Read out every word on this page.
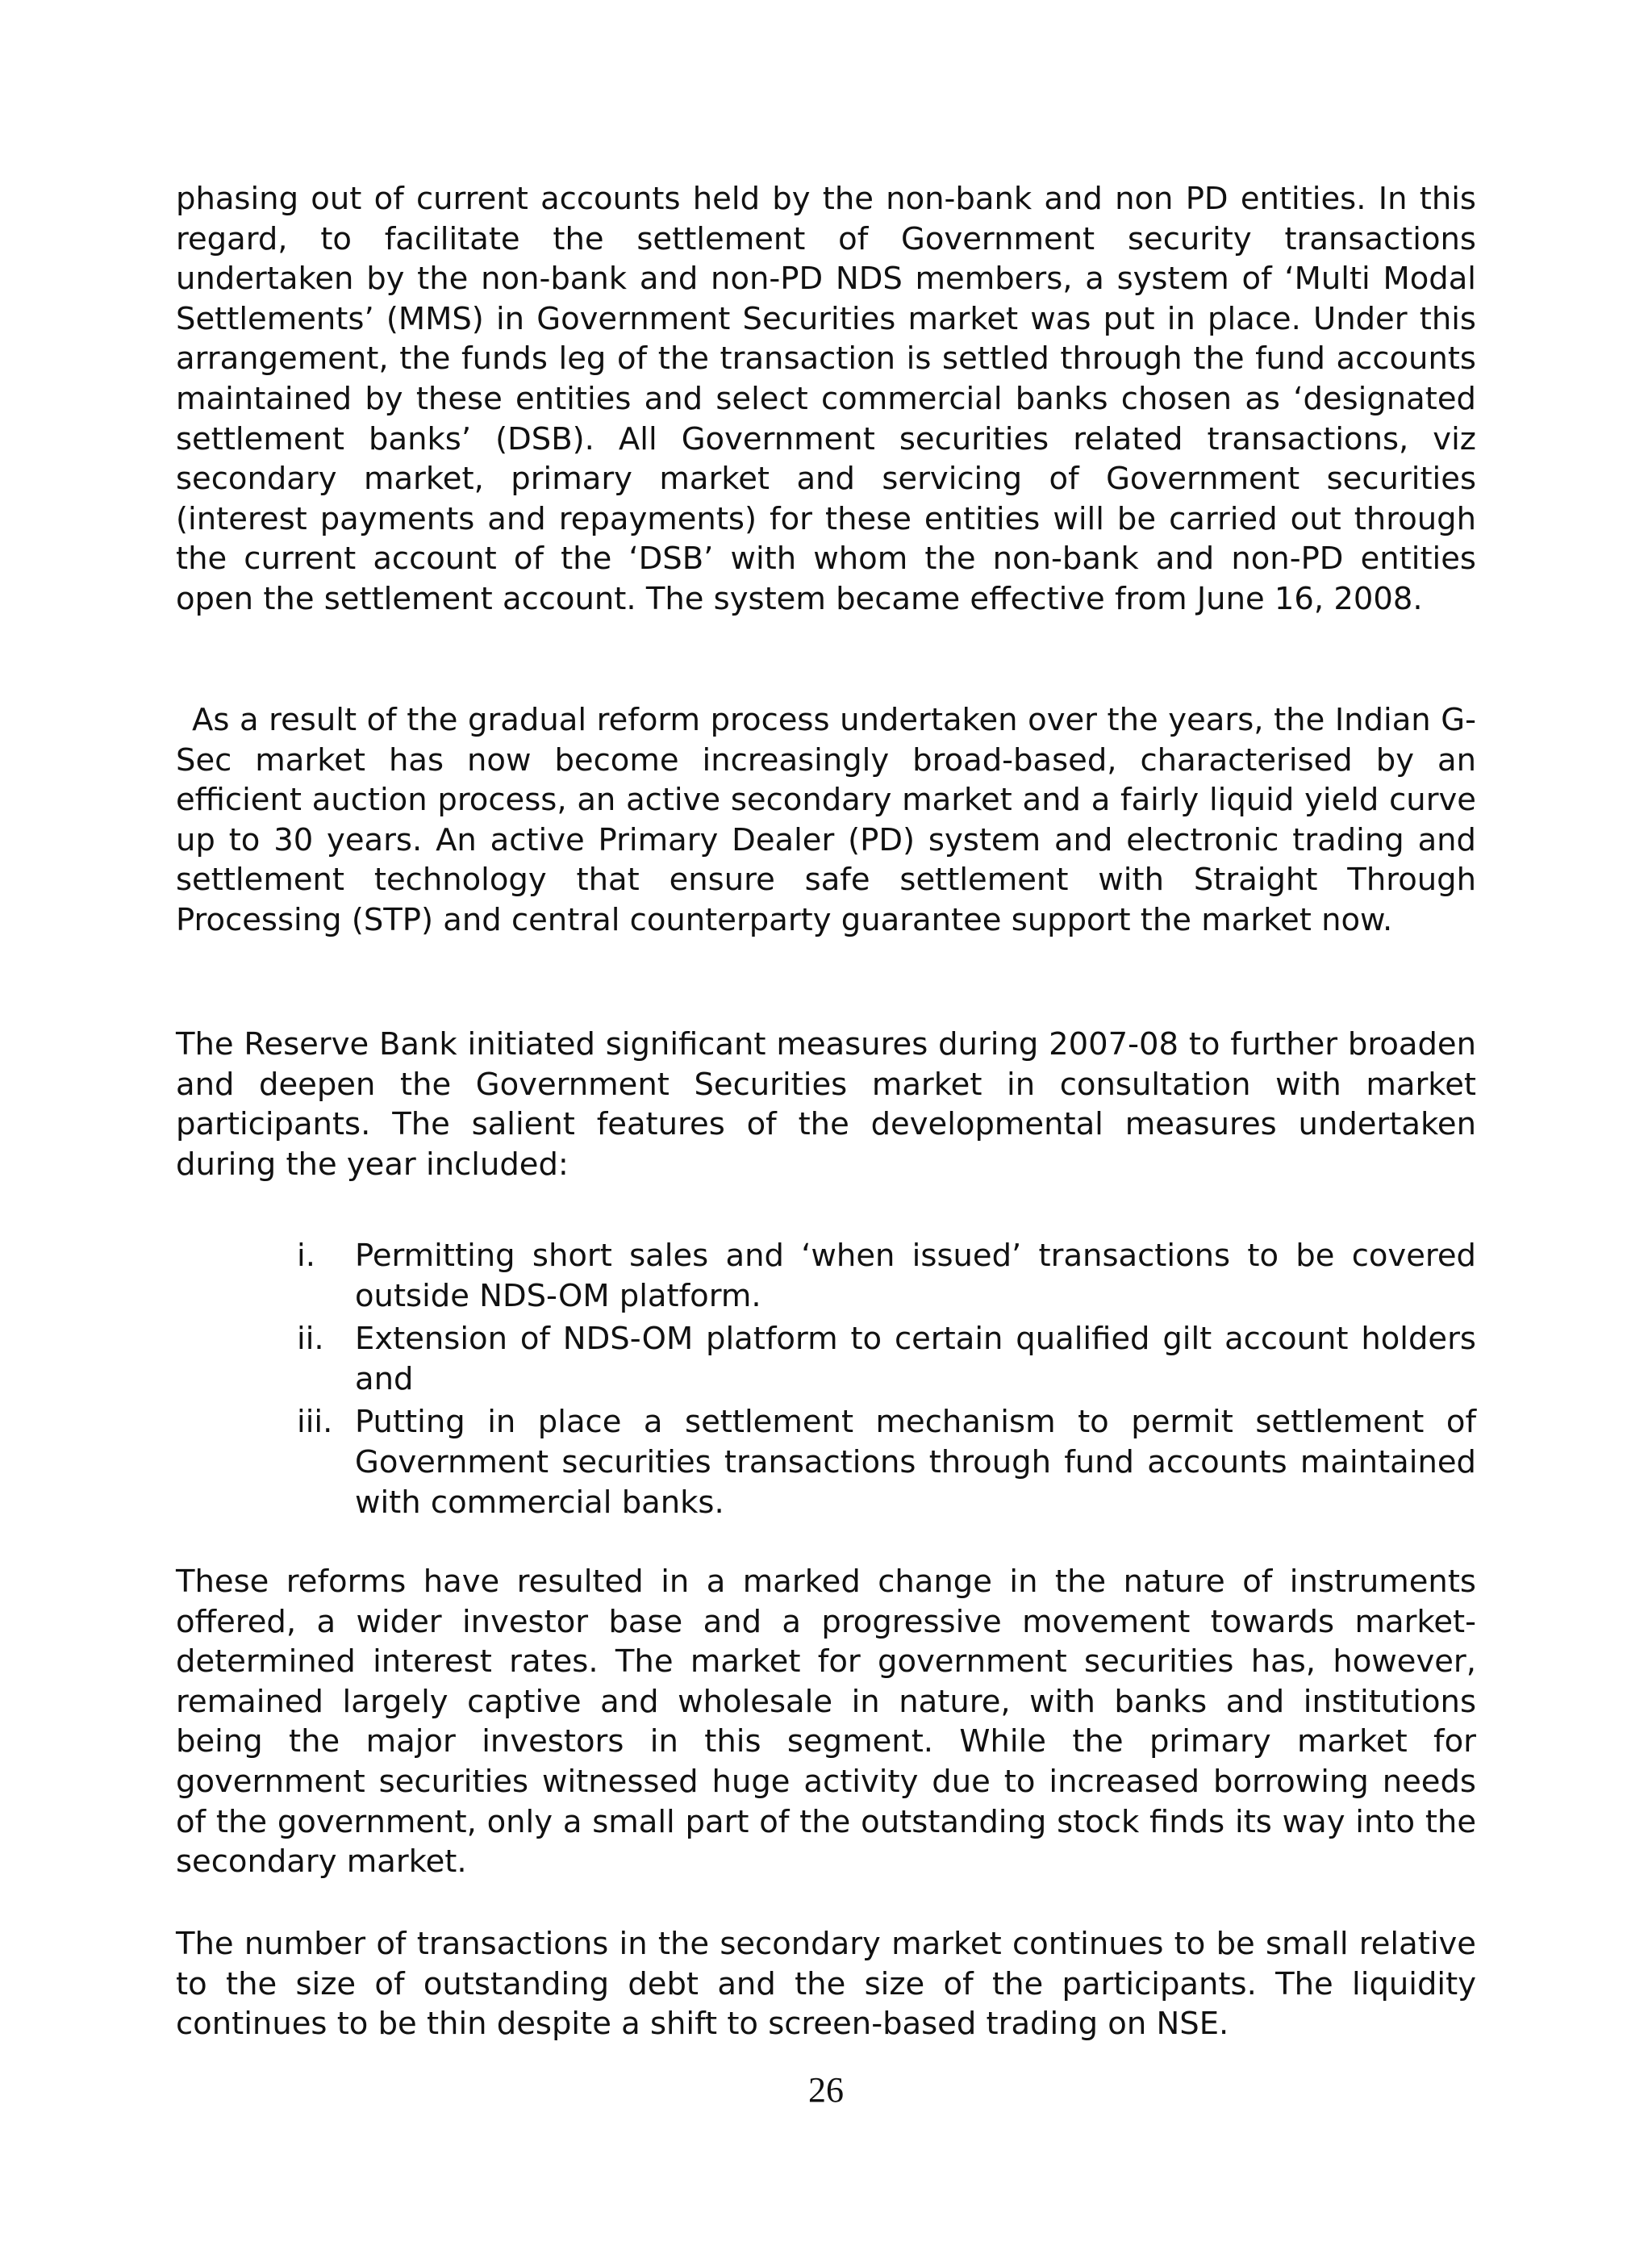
phasing out of current accounts held by the non-bank and non PD entities. In this regard, to facilitate the settlement of Government security transactions undertaken by the non-bank and non-PD NDS members, a system of ‘Multi Modal Settlements’ (MMS) in Government Securities market was put in place. Under this arrangement, the funds leg of the transaction is settled through the fund accounts maintained by these entities and select commercial banks chosen as ‘designated settlement banks’ (DSB). All Government securities related transactions, viz secondary market, primary market and servicing of Government securities (interest payments and repayments) for these entities will be carried out through the current account of the ‘DSB’ with whom the non-bank and non-PD entities open the settlement account. The system became effective from June 16, 2008.

As a result of the gradual reform process undertaken over the years, the Indian G-Sec market has now become increasingly broad-based, characterised by an efficient auction process, an active secondary market and a fairly liquid yield curve up to 30 years. An active Primary Dealer (PD) system and electronic trading and settlement technology that ensure safe settlement with Straight Through Processing (STP) and central counterparty guarantee support the market now.

The Reserve Bank initiated significant measures during 2007-08 to further broaden and deepen the Government Securities market in consultation with market participants. The salient features of the developmental measures undertaken during the year included:

i.	Permitting short sales and ‘when issued’ transactions to be covered outside NDS-OM platform.
ii. Extension of NDS-OM platform to certain qualified gilt account holders and
iii. Putting in place a settlement mechanism to permit settlement of Government securities transactions through fund accounts maintained with commercial banks.

These reforms have resulted in a marked change in the nature of instruments offered, a wider investor base and a progressive movement towards market-determined interest rates. The market for government securities has, however, remained largely captive and wholesale in nature, with banks and institutions being the major investors in this segment. While the primary market for government securities witnessed huge activity due to increased borrowing needs of the government, only a small part of the outstanding stock finds its way into the secondary market.

The number of transactions in the secondary market continues to be small relative to the size of outstanding debt and the size of the participants. The liquidity continues to be thin despite a shift to screen-based trading on NSE.

26
